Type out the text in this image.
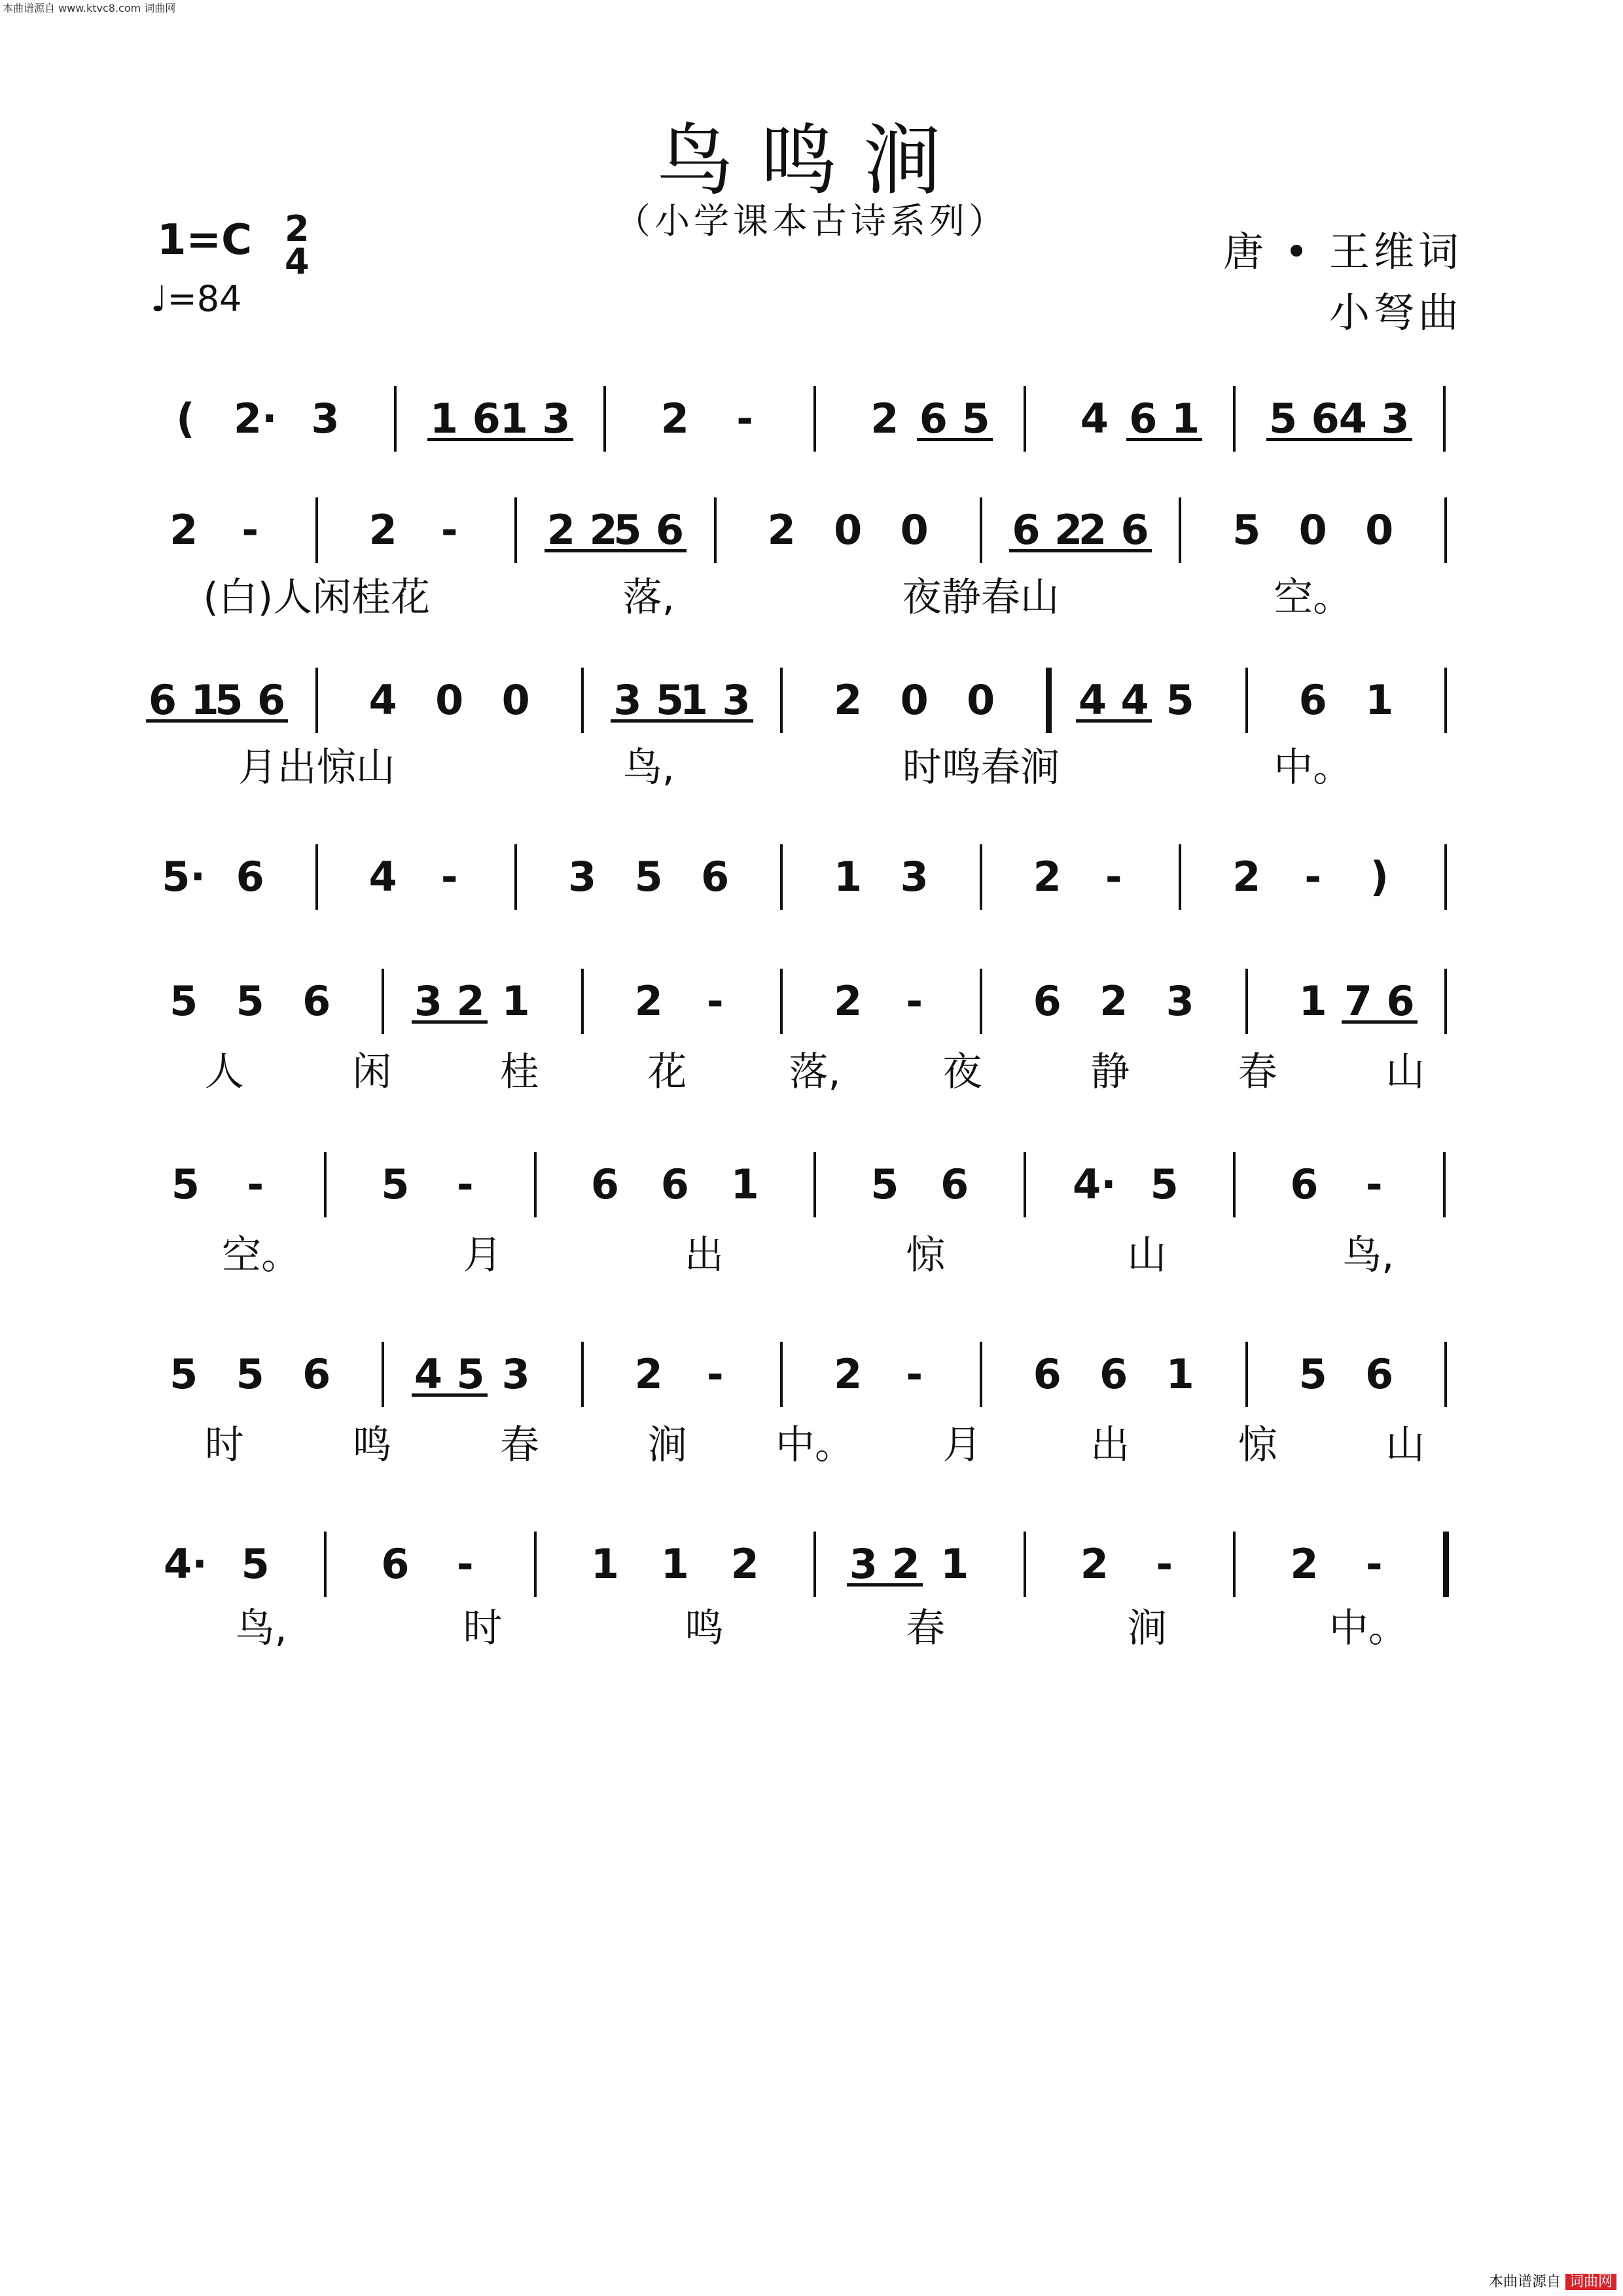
本曲谱源自 www.ktvc8.com 词曲网
鸟鸣涧
（小学课本古诗系列）
1=C 2
4
♩=84
唐 • 王维词
小弩曲
( 2· 3 1 6
1 3 2 -	2 6 5 4 6 1 5 6
4 3
2 -	2 - 2 2
5 6 2 0 0 6 2
2 6 5 0 0
(白)人闲桂花	落,	夜静春山	空。
6 1
5 6 4 0 0 3 5
1 3 2 0 0 4 4 5	6 1
月出惊山	鸟,	时鸣春涧	中。
5· 6	4 -	3 5 6	1 3	2 -	2 - )
5 5 6 3 2 1	2 -	2 -	6 2 3	1 7 6
人	闲	桂	花	落,	夜	静	春	山
5 -	5 -	6 6 1	5 6	4· 5	6 -
空。	月	出	惊	山	鸟,
5 5 6 4 5 3	2 -	2 -	6 6 1	5 6
时	鸣	春	涧 中。 月	出	惊	山
4· 5	6 -	1 1 2 3 2 1	2 -	2 -
鸟,	时	鸣	春	涧	中。
本曲谱源自 词曲网
